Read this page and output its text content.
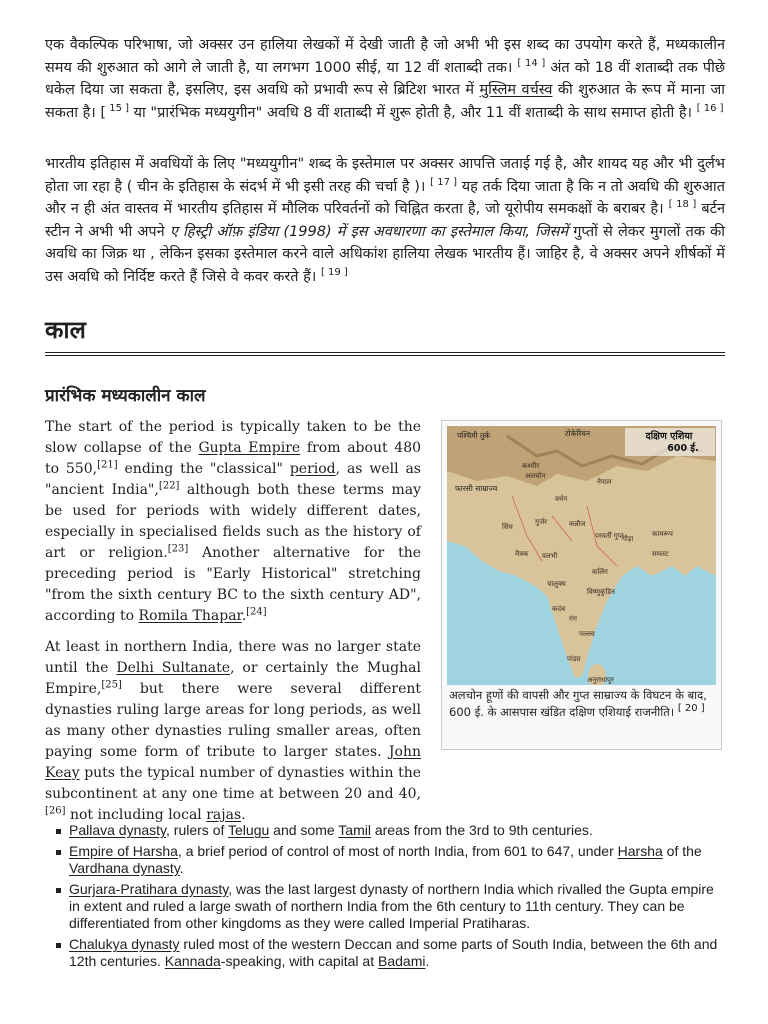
एक वैकल्पिक परिभाषा, जो अक्सर उन हालिया लेखकों में देखी जाती है जो अभी भी इस शब्द का उपयोग करते हैं, मध्यकालीन समय की शुरुआत को आगे ले जाती है, या लगभग 1000 सीई, या 12 वीं शताब्दी तक। [ 14 ] अंत को 18 वीं शताब्दी तक पीछे धकेल दिया जा सकता है, इसलिए, इस अवधि को प्रभावी रूप से ब्रिटिश भारत में मुस्लिम वर्चस्व की शुरुआत के रूप में माना जा सकता है। [ $^{15 ]}$ या "प्रारंभिक मध्ययुगीन" अवधि 8 वीं शताब्दी में शुरू होती है, और 11 वीं शताब्दी के साथ समाप्त होती है। [ 16 ]

भारतीय इतिहास में अवधियों के लिए "मध्ययुगीन" शब्द के इस्तेमाल पर अक्सर आपत्ति जताई गई है, और शायद यह और भी दुर्लभ होता जा रहा है ( चीन के इतिहास के संदर्भ में भी इसी तरह की चर्चा है )। [ 17 ] यह तर्क दिया जाता है कि न तो अवधि की शुरुआत और न ही अंत वास्तव में भारतीय इतिहास में मौलिक परिवर्तनों को चिह्नित करता है, जो यूरोपीय समकक्षों के बराबर है। [ 18 ] बर्टन स्टीन ने अभी भी अपने ए हिस्ट्री ऑफ़ इंडिया (1998) में इस अवधारणा का इस्तेमाल किया, जिसमें गुप्तों से लेकर मुगलों तक की अवधि का जिक्र था , लेकिन इसका इस्तेमाल करने वाले अधिकांश हालिया लेखक भारतीय हैं। जाहिर है, वे अक्सर अपने शीर्षकों में उस अवधि को निर्दिष्ट करते हैं जिसे वे कवर करते हैं। [ 19 ]

काल
प्रारंभिक मध्यकालीन काल

The start of the period is typically taken to be the slow collapse of the Gupta Empire from about 480 to 550,[21] ending the "classical" period, as well as "ancient India",[22] although both these terms may be used for periods with widely different dates, especially in specialised fields such as the history of art or religion.[23] Another alternative for the preceding period is "Early Historical" stretching "from the sixth century BC to the sixth century AD", according to Romila Thapar.[24]

At least in northern India, there was no larger state until the Delhi Sultanate, or certainly the Mughal Empire,[25] but there were several different dynasties ruling large areas for long periods, as well as many other dynasties ruling smaller areas, often paying some form of tribute to larger states. John Keay puts the typical number of dynasties within the subcontinent at any one time at between 20 and 40,[26] not including local rajas.

दक्षिण एशिया
600 ई.
पश्चिमी तुर्क	टोकेरियन
फारसी साम्राज्य
कश्मीर
अलचोन
नेपाल
वर्धन
सिंध
गुर्जर	कन्नौज
परवर्ती गुप्त
गौड़ा
कामरूप
समतट
मैत्रक वलभी
कलिंग
चालुक्य
विष्णुकुंडिन
कदंब
गंग
पल्लव
पांड्य
अनुराधापुर

अलचोन हूणों की वापसी और गुप्त साम्राज्य के विघटन के बाद, 600 ई. के आसपास खंडित दक्षिण एशियाई राजनीति। [ 20 ]

Pallava dynasty, rulers of Telugu and some Tamil areas from the 3rd to 9th centuries.
Empire of Harsha, a brief period of control of most of north India, from 601 to 647, under Harsha of the Vardhana dynasty.
Gurjara-Pratihara dynasty, was the last largest dynasty of northern India which rivalled the Gupta empire in extent and ruled a large swath of northern India from the 6th century to 11th century. They can be differentiated from other kingdoms as they were called Imperial Pratiharas.
Chalukya dynasty ruled most of the western Deccan and some parts of South India, between the 6th and 12th centuries. Kannada-speaking, with capital at Badami.
